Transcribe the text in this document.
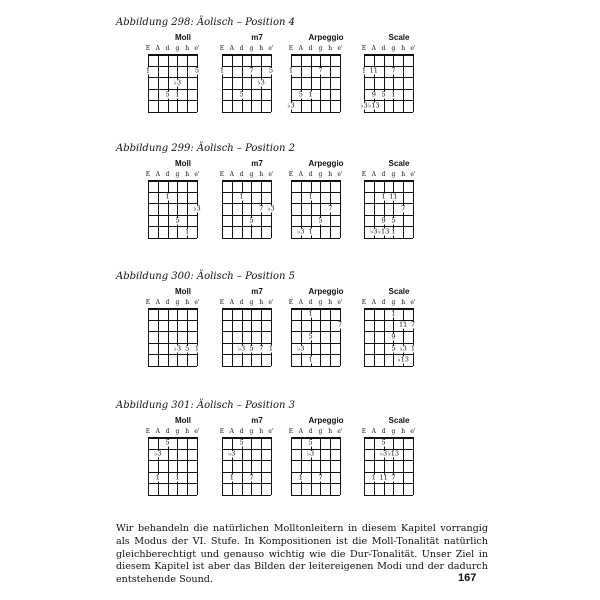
Abbildung 298: Äolisch – Position 4
Moll
E A d g h e'
1	5
♭3
5 1
m7
E A d g h e'
1	7 5
♭3
5
Arpeggio
E A d g h e'
1	7
5 1
♭3
Scale
E A d g h e'
1 11 7
9 5 1
♭3 ♭13
Abbildung 299: Äolisch – Position 2
Moll
E A d g h e'
1
♭3
5
1
m7
E A d g h e'
1
7 ♭3
5
Arpeggio
E A d g h e'
1
7
5
♭3 1
Scale
E A d g h e'
1 11
7
9 5
♭3 ♭13 1
Abbildung 300: Äolisch – Position 5
Moll
E A d g h e'
♭3 5 1
m7
E A d g h e'
♭3 5 7 1
Arpeggio
E A d g h e'
1
7
5
♭3
1
Scale
E A d g h e'
1
11 7
9
5 ♭3 1
♭13
Abbildung 301: Äolisch – Position 3
Moll
E A d g h e'
5
♭3
1 1
m7
E A d g h e'
5
♭3
1 7
Arpeggio
E A d g h e'
5
♭3
1 7
Scale
E A d g h e'
5
♭3 ♭13
1 11 7

Wir behandeln die natürlichen Molltonleitern in diesem Kapitel vorrangig als Modus der VI. Stufe. In Kompositionen ist die Moll-Tonalität natürlich gleichberechtigt und genauso wichtig wie die Dur-Tonalität. Unser Ziel in diesem Kapitel ist aber das Bilden der leitereigenen Modi und der dadurch entstehende Sound.	167
